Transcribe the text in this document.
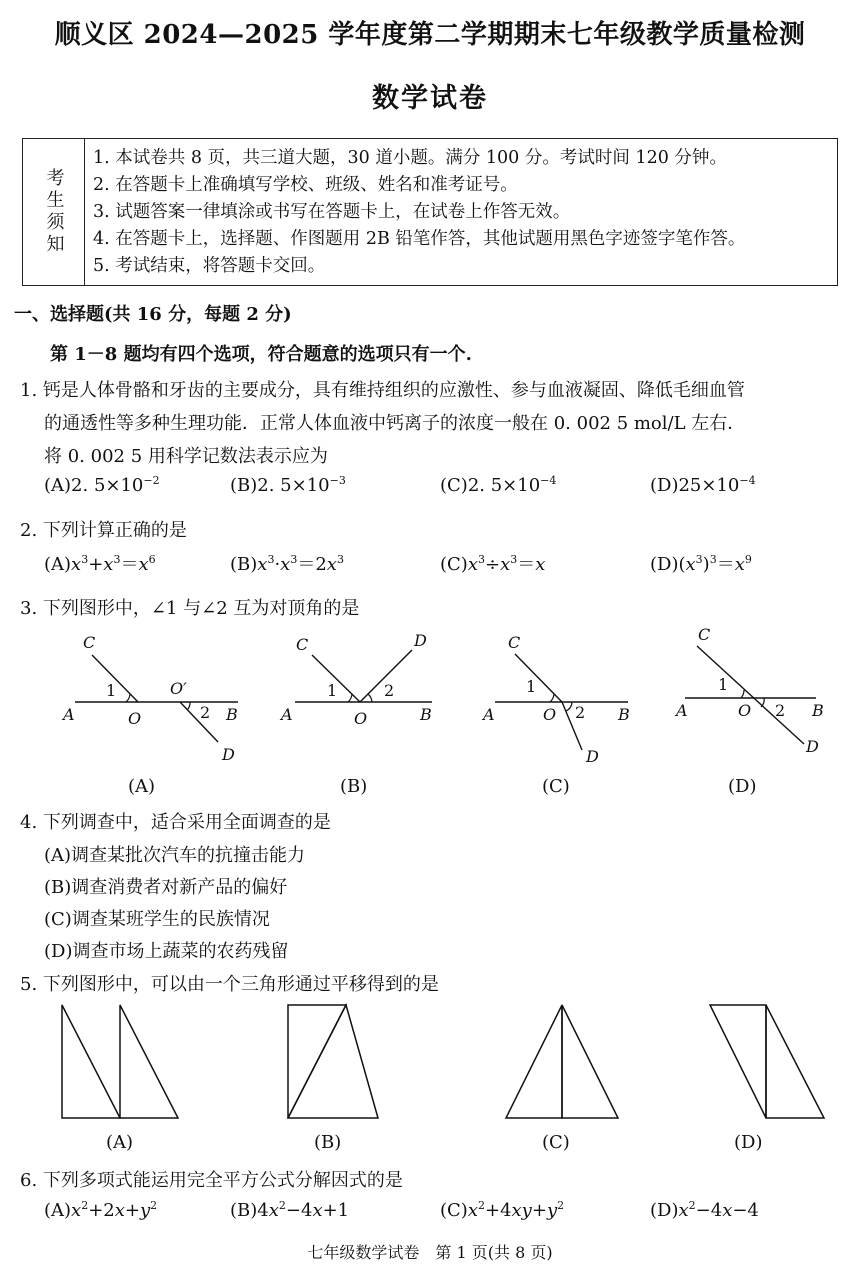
顺义区 2024—2025 学年度第二学期期末七年级教学质量检测
数学试卷
考生须知
1. 本试卷共 8 页，共三道大题，30 道小题。满分 100 分。考试时间 120 分钟。
2. 在答题卡上准确填写学校、班级、姓名和准考证号。
3. 试题答案一律填涂或书写在答题卡上，在试卷上作答无效。
4. 在答题卡上，选择题、作图题用 2B 铅笔作答，其他试题用黑色字迹签字笔作答。
5. 考试结束，将答题卡交回。
一、选择题(共 16 分，每题 2 分)
第 1－8 题均有四个选项，符合题意的选项只有一个.
1. 钙是人体骨骼和牙齿的主要成分，具有维持组织的应激性、参与血液凝固、降低毛细血管
的通透性等多种生理功能．正常人体血液中钙离子的浓度一般在 0. 002 5 mol/L 左右．
将 0. 002 5 用科学记数法表示应为
(A)2. $5\times 10^{-2}$	(B)2. $5\times 10^{-3}$	(C)2. $5\times 10^{-4}$	$(D)25\times 10^{-4}$
2. 下列计算正确的是
$(A)x^3+x^3=x^6$	$(B)x^3\cdot x^3=2x^3$	$(C)x^3\div x^3=x$	$(D)(x^3)^3=x^9$
3. 下列图形中，∠1 与∠2 互为对顶角的是
C
A	O
O′
B
D
1
2
C	D
A	O	B
1	2
C
A	O	B
D
1
2
C
A	O	B
D
1
2
(A)	(B)	(C)	(D)
4. 下列调查中，适合采用全面调查的是
(A)调查某批次汽车的抗撞击能力
(B)调查消费者对新产品的偏好
(C)调查某班学生的民族情况
(D)调查市场上蔬菜的农药残留
5. 下列图形中，可以由一个三角形通过平移得到的是
(A)	(B)	(C)	(D)
6. 下列多项式能运用完全平方公式分解因式的是
$(A)x^2+2x+y^2$	$(B)4x^2-4x+1$	$(C)x^2+4xy+y^2$	$(D)x^2-4x-4$
七年级数学试卷　第 1 页(共 8 页)
